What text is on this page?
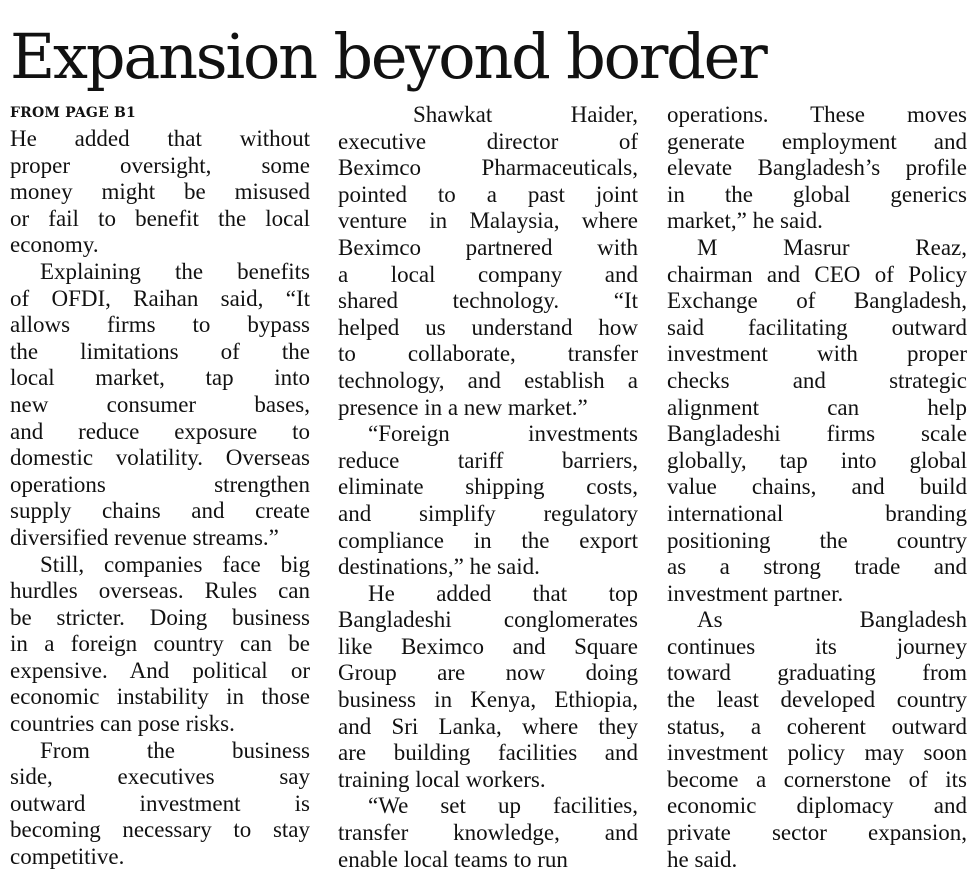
Expansion beyond border
FROM PAGE B1
He added that without
proper oversight, some
money might be misused
or fail to benefit the local
economy.
Explaining the benefits
of OFDI, Raihan said, “It
allows firms to bypass
the limitations of the
local market, tap into
new consumer bases,
and reduce exposure to
domestic volatility. Overseas
operations strengthen
supply chains and create
diversified revenue streams.”
Still, companies face big
hurdles overseas. Rules can
be stricter. Doing business
in a foreign country can be
expensive. And political or
economic instability in those
countries can pose risks.
From the business
side, executives say
outward investment is
becoming necessary to stay
competitive.
Shawkat Haider,
executive director of
Beximco Pharmaceuticals,
pointed to a past joint
venture in Malaysia, where
Beximco partnered with
a local company and
shared technology. “It
helped us understand how
to collaborate, transfer
technology, and establish a
presence in a new market.”
“Foreign investments
reduce tariff barriers,
eliminate shipping costs,
and simplify regulatory
compliance in the export
destinations,” he said.
He added that top
Bangladeshi conglomerates
like Beximco and Square
Group are now doing
business in Kenya, Ethiopia,
and Sri Lanka, where they
are building facilities and
training local workers.
“We set up facilities,
transfer knowledge, and
enable local teams to run
operations. These moves
generate employment and
elevate Bangladesh’s profile
in the global generics
market,” he said.
M Masrur Reaz,
chairman and CEO of Policy
Exchange of Bangladesh,
said facilitating outward
investment with proper
checks and strategic
alignment can help
Bangladeshi firms scale
globally, tap into global
value chains, and build
international branding
positioning the country
as a strong trade and
investment partner.
As Bangladesh
continues its journey
toward graduating from
the least developed country
status, a coherent outward
investment policy may soon
become a cornerstone of its
economic diplomacy and
private sector expansion,
he said.
